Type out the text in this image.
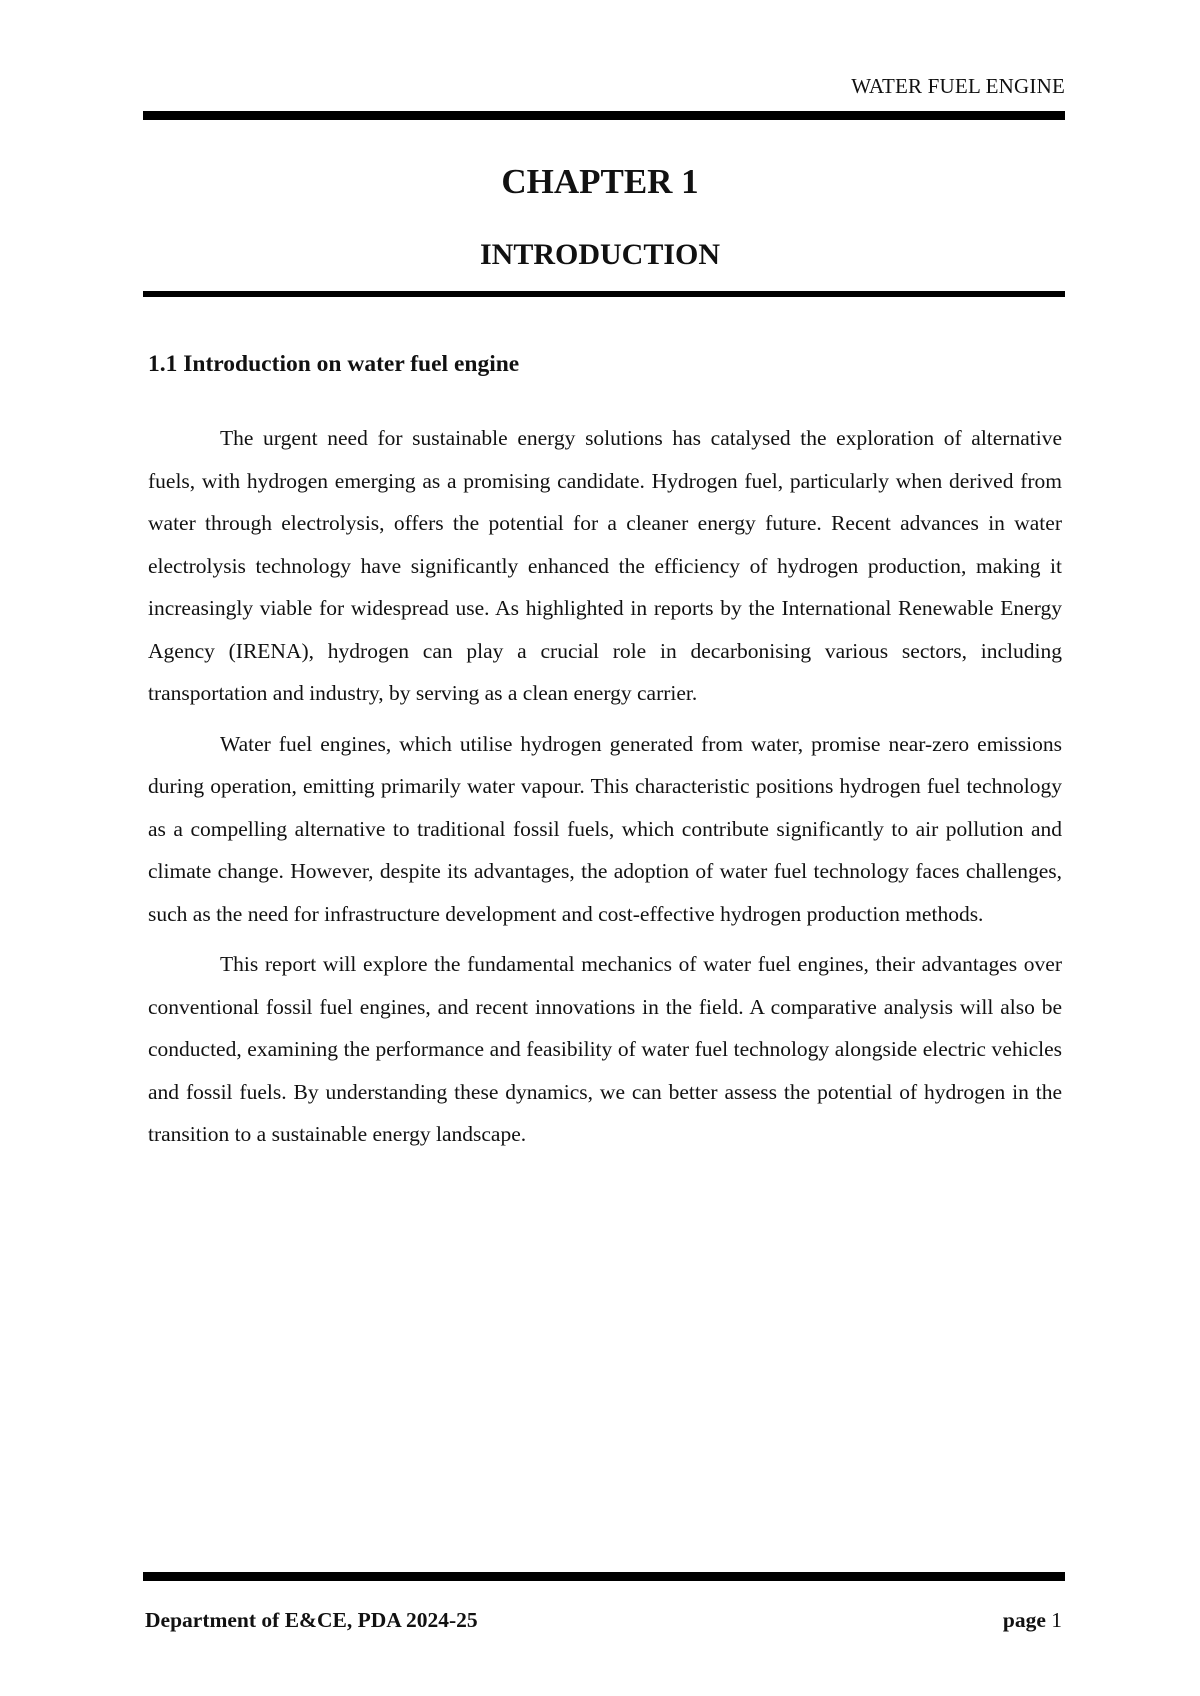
WATER FUEL ENGINE
CHAPTER 1
INTRODUCTION
1.1 Introduction on water fuel engine

The urgent need for sustainable energy solutions has catalysed the exploration of alternative fuels, with hydrogen emerging as a promising candidate. Hydrogen fuel, particularly when derived from water through electrolysis, offers the potential for a cleaner energy future. Recent advances in water electrolysis technology have significantly enhanced the efficiency of hydrogen production, making it increasingly viable for widespread use. As highlighted in reports by the International Renewable Energy Agency (IRENA), hydrogen can play a crucial role in decarbonising various sectors, including transportation and industry, by serving as a clean energy carrier.

Water fuel engines, which utilise hydrogen generated from water, promise near-zero emissions during operation, emitting primarily water vapour. This characteristic positions hydrogen fuel technology as a compelling alternative to traditional fossil fuels, which contribute significantly to air pollution and climate change. However, despite its advantages, the adoption of water fuel technology faces challenges, such as the need for infrastructure development and cost-effective hydrogen production methods.

This report will explore the fundamental mechanics of water fuel engines, their advantages over conventional fossil fuel engines, and recent innovations in the field. A comparative analysis will also be conducted, examining the performance and feasibility of water fuel technology alongside electric vehicles and fossil fuels. By understanding these dynamics, we can better assess the potential of hydrogen in the transition to a sustainable energy landscape.

Department of E&CE, PDA 2024-25	page 1
